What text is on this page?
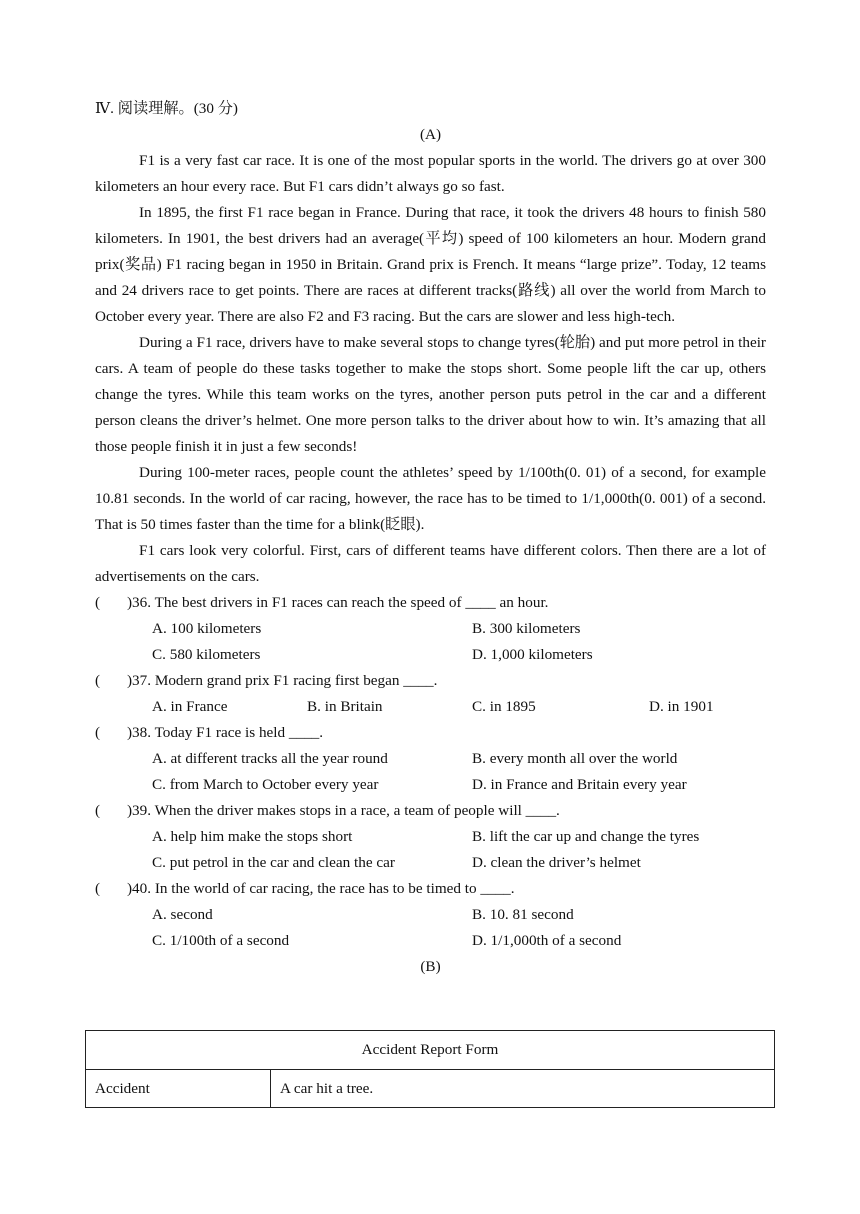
Ⅳ. 阅读理解。(30 分)
(A)

F1 is a very fast car race. It is one of the most popular sports in the world. The drivers go at over 300 kilometers an hour every race. But F1 cars didn’t always go so fast.

In 1895, the first F1 race began in France. During that race, it took the drivers 48 hours to finish 580 kilometers. In 1901, the best drivers had an average(平均) speed of 100 kilometers an hour. Modern grand prix(奖品) F1 racing began in 1950 in Britain. Grand prix is French. It means “large prize”. Today, 12 teams and 24 drivers race to get points. There are races at different tracks(路线) all over the world from March to October every year. There are also F2 and F3 racing. But the cars are slower and less high-tech.

During a F1 race, drivers have to make several stops to change tyres(轮胎) and put more petrol in their cars. A team of people do these tasks together to make the stops short. Some people lift the car up, others change the tyres. While this team works on the tyres, another person puts petrol in the car and a different person cleans the driver’s helmet. One more person talks to the driver about how to win. It’s amazing that all those people finish it in just a few seconds!

During 100-meter races, people count the athletes’ speed by 1/100th(0. 01) of a second, for example 10.81 seconds. In the world of car racing, however, the race has to be timed to 1/1,000th(0. 001) of a second. That is 50 times faster than the time for a blink(眨眼).

F1 cars look very colorful. First, cars of different teams have different colors. Then there are a lot of advertisements on the cars.

( )36. The best drivers in F1 races can reach the speed of ____ an hour.
A. 100 kilometers	B. 300 kilometers
C. 580 kilometers	D. 1,000 kilometers
( )37. Modern grand prix F1 racing first began ____.
A. in France	B. in Britain	C. in 1895	D. in 1901
( )38. Today F1 race is held ____.
A. at different tracks all the year round	B. every month all over the world
C. from March to October every year	D. in France and Britain every year
( )39. When the driver makes stops in a race, a team of people will ____.
A. help him make the stops short	B. lift the car up and change the tyres
C. put petrol in the car and clean the car	D. clean the driver’s helmet
( )40. In the world of car racing, the race has to be timed to ____.
A. second	B. 10. 81 second
C. 1/100th of a second	D. 1/1,000th of a second
(B)
Accident Report Form
Accident	A car hit a tree.
